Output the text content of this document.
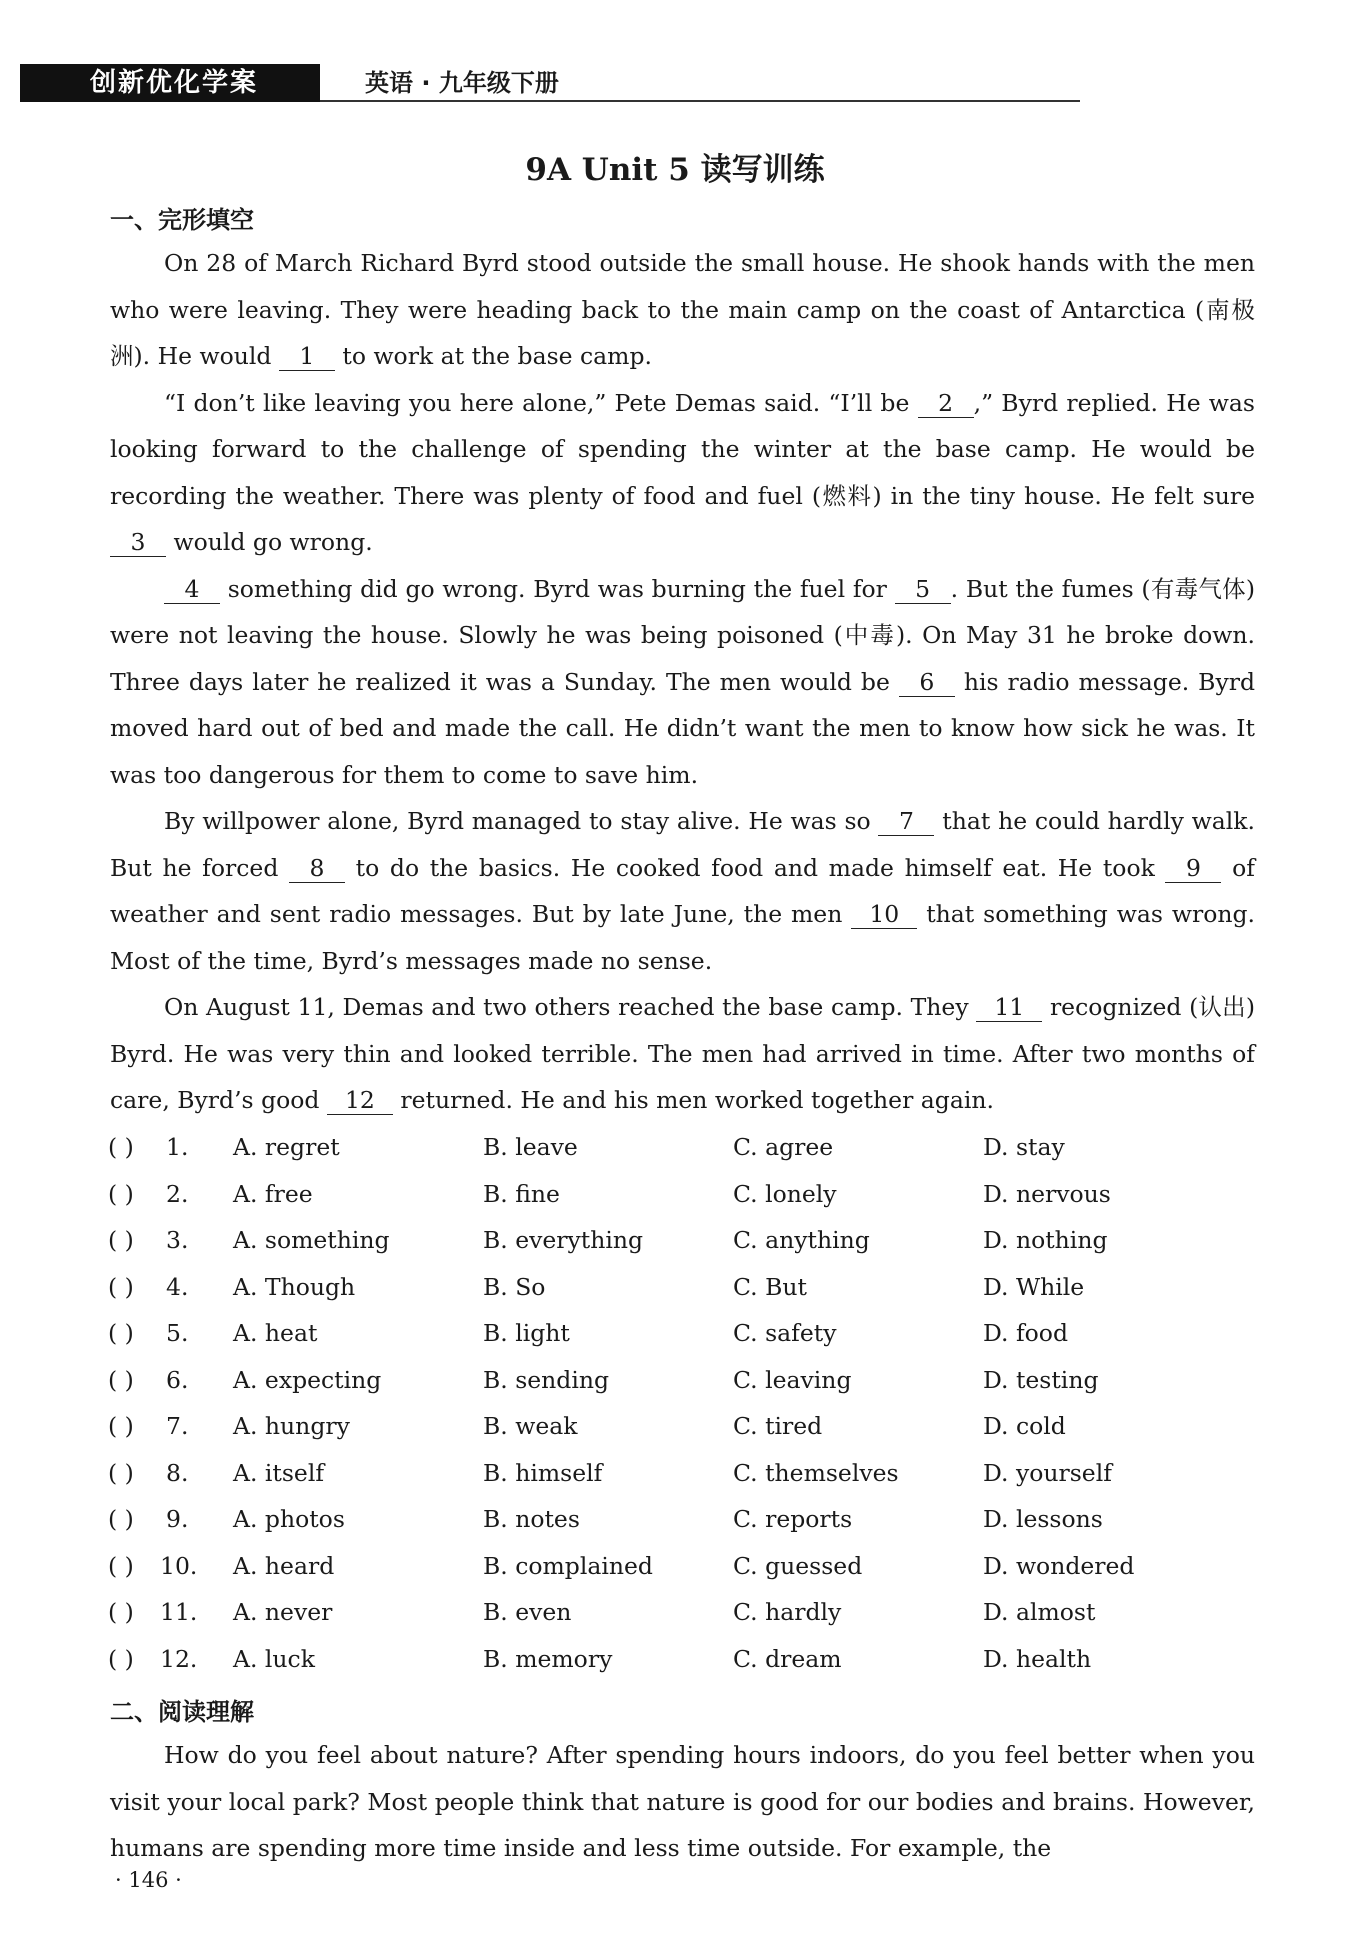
创新优化学案	英语 · 九年级下册
9A Unit 5 读写训练
一、完形填空

On 28 of March Richard Byrd stood outside the small house. He shook hands with the men who were leaving. They were heading back to the main camp on the coast of Antarctica (南极洲). He would 1 to work at the base camp.

“I don’t like leaving you here alone,” Pete Demas said. “I’ll be 2 ,” Byrd replied. He was looking forward to the challenge of spending the winter at the base camp. He would be recording the weather. There was plenty of food and fuel (燃料) in the tiny house. He felt sure 3 would go wrong.

4 something did go wrong. Byrd was burning the fuel for 5 . But the fumes (有毒气体) were not leaving the house. Slowly he was being poisoned (中毒). On May 31 he broke down. Three days later he realized it was a Sunday. The men would be 6 his radio message. Byrd moved hard out of bed and made the call. He didn’t want the men to know how sick he was. It was too dangerous for them to come to save him.

By willpower alone, Byrd managed to stay alive. He was so 7 that he could hardly walk. But he forced 8 to do the basics. He cooked food and made himself eat. He took 9 of weather and sent radio messages. But by late June, the men 10 that something was wrong. Most of the time, Byrd’s messages made no sense.

On August 11, Demas and two others reached the base camp. They 11 recognized (认出) Byrd. He was very thin and looked terrible. The men had arrived in time. After two months of care, Byrd’s good 12 returned. He and his men worked together again.

( ) 1. A. regret	B. leave	C. agree	D. stay
( ) 2. A. free	B. fine	C. lonely	D. nervous
( ) 3. A. something	B. everything	C. anything	D. nothing
( ) 4. A. Though	B. So	C. But	D. While
( ) 5. A. heat	B. light	C. safety	D. food
( ) 6. A. expecting	B. sending	C. leaving	D. testing
( ) 7. A. hungry	B. weak	C. tired	D. cold
( ) 8. A. itself	B. himself	C. themselves	D. yourself
( ) 9. A. photos	B. notes	C. reports	D. lessons
( ) 10. A. heard	B. complained	C. guessed	D. wondered
( ) 11. A. never	B. even	C. hardly	D. almost
( ) 12. A. luck	B. memory	C. dream	D. health
二、阅读理解

How do you feel about nature? After spending hours indoors, do you feel better when you visit your local park? Most people think that nature is good for our bodies and brains. However, humans are spending more time inside and less time outside. For example, the

· 146 ·
